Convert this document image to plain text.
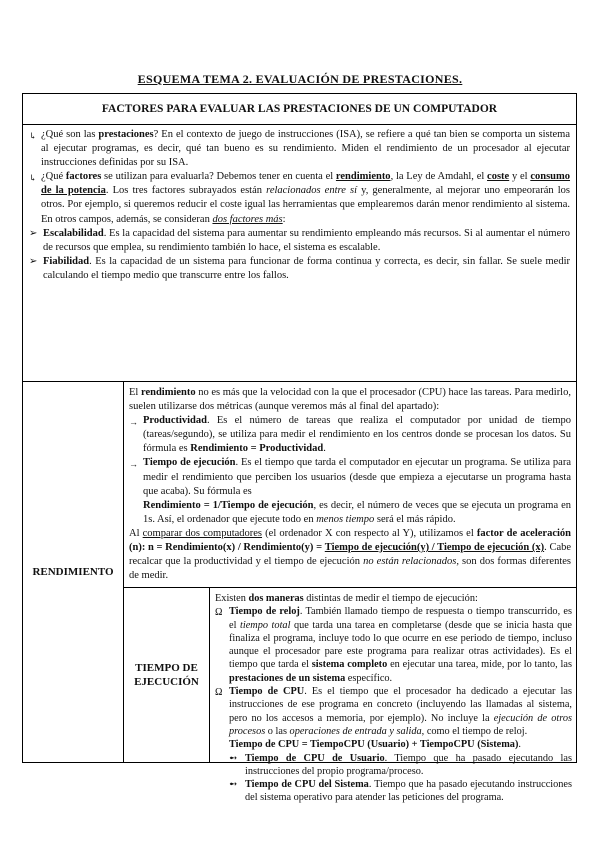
ESQUEMA TEMA 2. EVALUACIÓN DE PRESTACIONES.
FACTORES PARA EVALUAR LAS PRESTACIONES DE UN COMPUTADOR
↳ ¿Qué son las prestaciones? En el contexto de juego de instrucciones (ISA), se refiere a qué tan bien se comporta un sistema al ejecutar programas, es decir, qué tan bueno es su rendimiento. Miden el rendimiento de un procesador al ejecutar instrucciones definidas por su ISA.

↳ ¿Qué factores se utilizan para evaluarla? Debemos tener en cuenta el rendimiento, la Ley de Amdahl, el coste y el consumo de la potencia. Los tres factores subrayados están relacionados entre sí y, generalmente, al mejorar uno empeorarán los otros. Por ejemplo, si queremos reducir el coste igual las herramientas que emplearemos darán menor rendimiento al sistema. En otros campos, además, se consideran dos factores más:

➢ Escalabilidad. Es la capacidad del sistema para aumentar su rendimiento empleando más recursos. Si al aumentar el número de recursos que emplea, su rendimiento también lo hace, el sistema es escalable.

➢ Fiabilidad. Es la capacidad de un sistema para funcionar de forma continua y correcta, es decir, sin fallar. Se suele medir calculando el tiempo medio que transcurre entre los fallos.

RENDIMIENTO

El rendimiento no es más que la velocidad con la que el procesador (CPU) hace las tareas. Para medirlo, suelen utilizarse dos métricas (aunque veremos más al final del apartado):

→ Productividad. Es el número de tareas que realiza el computador por unidad de tiempo (tareas/segundo), se utiliza para medir el rendimiento en los centros donde se procesan los datos. Su fórmula es Rendimiento = Productividad.

→ Tiempo de ejecución. Es el tiempo que tarda el computador en ejecutar un programa. Se utiliza para medir el rendimiento que perciben los usuarios (desde que empieza a ejecutarse un programa hasta que acaba). Su fórmula es
Rendimiento = 1/Tiempo de ejecución, es decir, el número de veces que se ejecuta un programa en 1s. Así, el ordenador que ejecute todo en menos tiempo será el más rápido.

Al comparar dos computadores (el ordenador X con respecto al Y), utilizamos el factor de aceleración (n): n = Rendimiento(x) / Rendimiento(y) = Tiempo de ejecución(y) / Tiempo de ejecución (x). Cabe recalcar que la productividad y el tiempo de ejecución no están relacionados, son dos formas diferentes de medir.

TIEMPO DE
EJECUCIÓN

Existen dos maneras distintas de medir el tiempo de ejecución:

Ω Tiempo de reloj. También llamado tiempo de respuesta o tiempo transcurrido, es el tiempo total que tarda una tarea en completarse (desde que se inicia hasta que finaliza el programa, incluye todo lo que ocurre en ese periodo de tiempo, incluso aunque el procesador pare este programa para realizar otras actividades). Es el tiempo que tarda el sistema completo en ejecutar una tarea, mide, por lo tanto, las prestaciones de un sistema específico.

Ω Tiempo de CPU. Es el tiempo que el procesador ha dedicado a ejecutar las instrucciones de ese programa en concreto (incluyendo las llamadas al sistema, pero no los accesos a memoria, por ejemplo). No incluye la ejecución de otros procesos o las operaciones de entrada y salida, como el tiempo de reloj.
Tiempo de CPU = TiempoCPU (Usuario) + TiempoCPU (Sistema).

➻ Tiempo de CPU de Usuario. Tiempo que ha pasado ejecutando las instrucciones del propio programa/proceso.

➻ Tiempo de CPU del Sistema. Tiempo que ha pasado ejecutando instrucciones del sistema operativo para atender las peticiones del programa.
